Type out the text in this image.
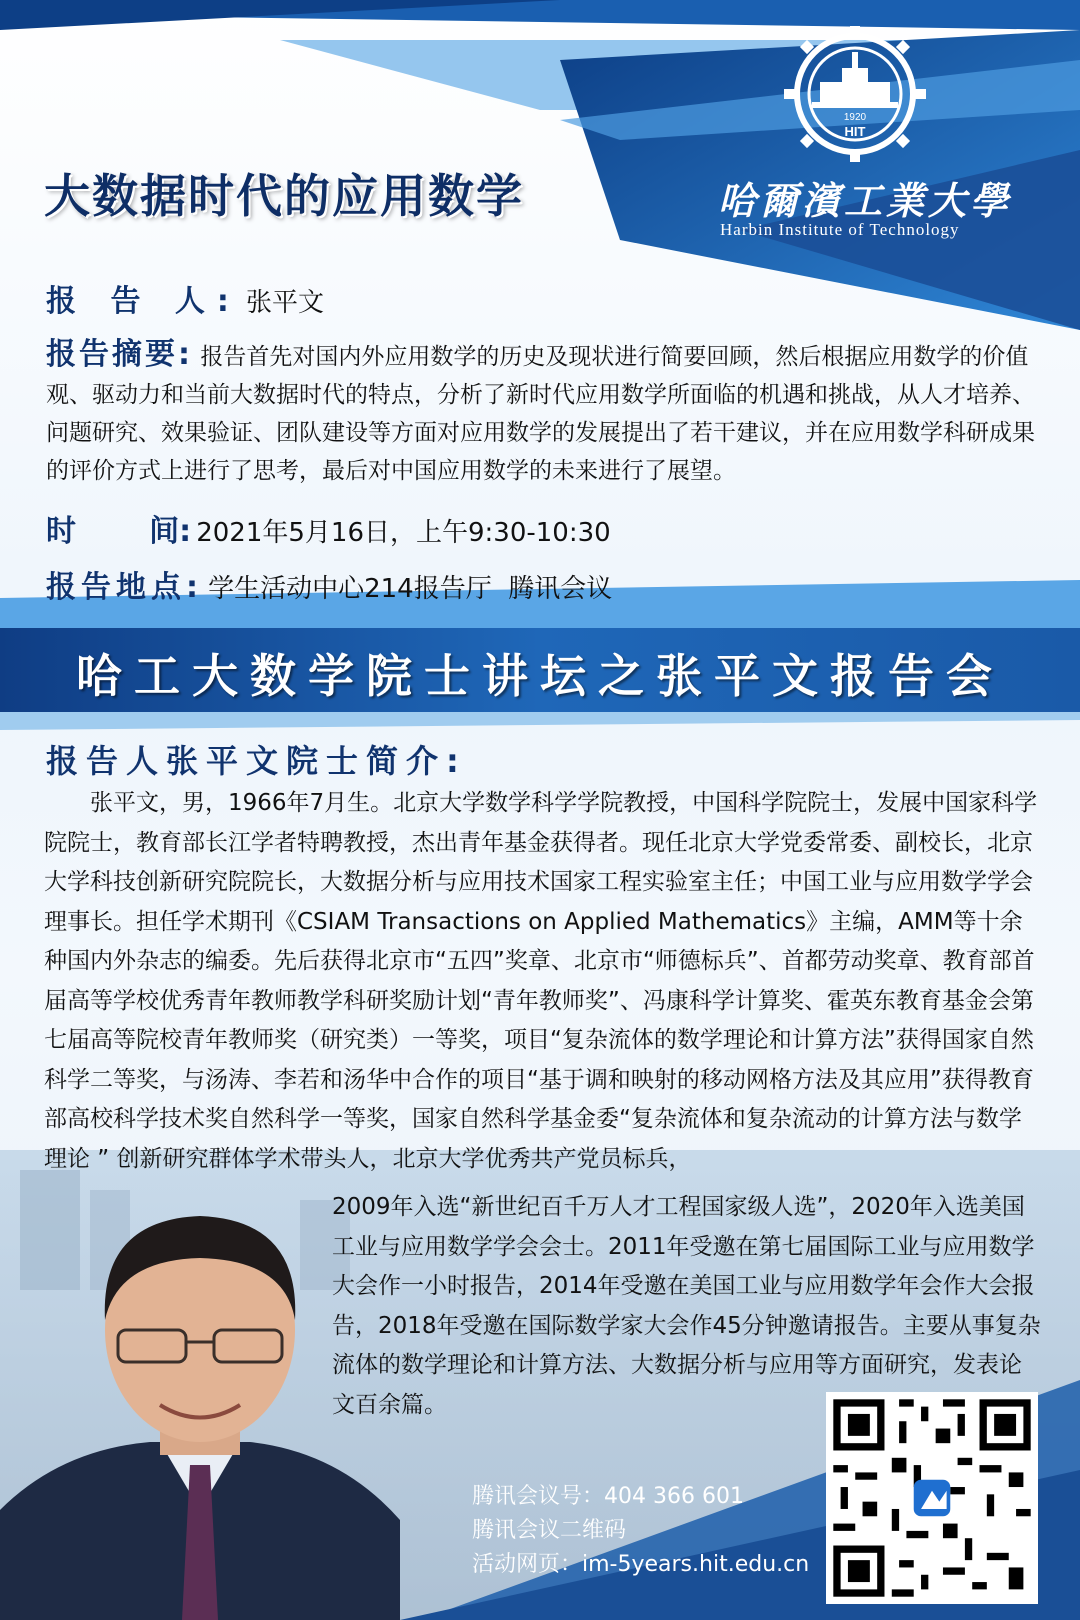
1920
HIT
哈爾濱工業大學
Harbin Institute of Technology
大数据时代的应用数学
报 告 人: 张平文
报告摘要: 报告首先对国内外应用数学的历史及现状进行简要回顾，然后根据应用数学的价值观、驱动力和当前大数据时代的特点，分析了新时代应用数学所面临的机遇和挑战，从人才培养、问题研究、效果验证、团队建设等方面对应用数学的发展提出了若干建议，并在应用数学科研成果的评价方式上进行了思考，最后对中国应用数学的未来进行了展望。
时       间: 2021年5月16日，上午9:30-10:30
报告地点: 学生活动中心214报告厅  腾讯会议
哈工大数学院士讲坛之张平文报告会
报告人张平文院士简介:
张平文，男，1966年7月生。北京大学数学科学学院教授，中国科学院院士，发展中国家科学院院士，教育部长江学者特聘教授，杰出青年基金获得者。现任北京大学党委常委、副校长，北京大学科技创新研究院院长，大数据分析与应用技术国家工程实验室主任；中国工业与应用数学学会理事长。担任学术期刊《CSIAM Transactions on Applied Mathematics》主编，AMM等十余种国内外杂志的编委。先后获得北京市“五四”奖章、北京市“师德标兵”、首都劳动奖章、教育部首届高等学校优秀青年教师教学科研奖励计划“青年教师奖”、冯康科学计算奖、霍英东教育基金会第七届高等院校青年教师奖（研究类）一等奖，项目“复杂流体的数学理论和计算方法”获得国家自然科学二等奖，与汤涛、李若和汤华中合作的项目“基于调和映射的移动网格方法及其应用”获得教育部高校科学技术奖自然科学一等奖，国家自然科学基金委“复杂流体和复杂流动的计算方法与数学理论 ” 创新研究群体学术带头人，北京大学优秀共产党员标兵，
2009年入选“新世纪百千万人才工程国家级人选”，2020年入选美国工业与应用数学学会会士。2011年受邀在第七届国际工业与应用数学大会作一小时报告，2014年受邀在美国工业与应用数学年会作大会报告，2018年受邀在国际数学家大会作45分钟邀请报告。主要从事复杂流体的数学理论和计算方法、大数据分析与应用等方面研究，发表论文百余篇。
腾讯会议号：404 366 601
腾讯会议二维码
活动网页：im-5years.hit.edu.cn
